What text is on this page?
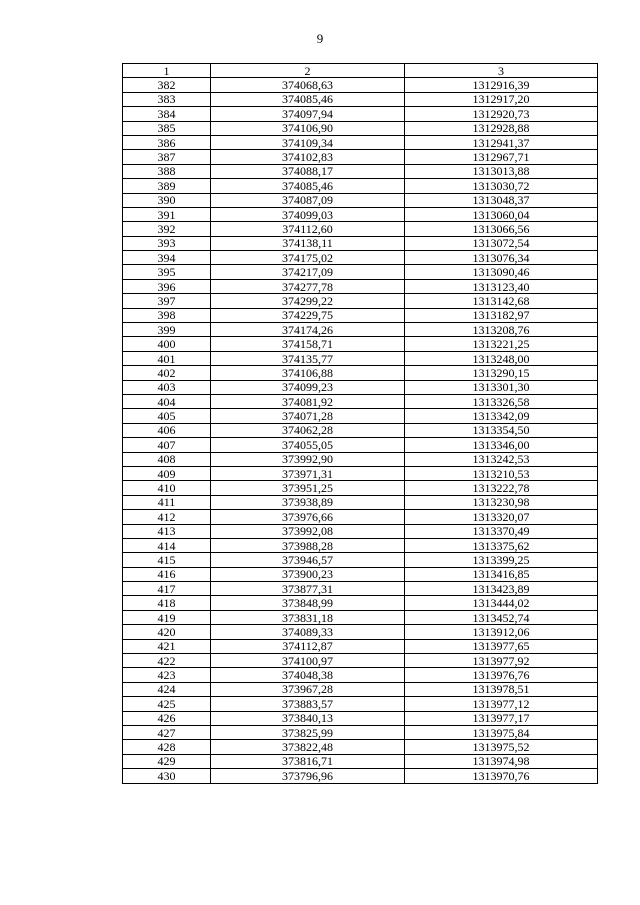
9
1	2	3
382	374068,63	1312916,39
383	374085,46	1312917,20
384	374097,94	1312920,73
385	374106,90	1312928,88
386	374109,34	1312941,37
387	374102,83	1312967,71
388	374088,17	1313013,88
389	374085,46	1313030,72
390	374087,09	1313048,37
391	374099,03	1313060,04
392	374112,60	1313066,56
393	374138,11	1313072,54
394	374175,02	1313076,34
395	374217,09	1313090,46
396	374277,78	1313123,40
397	374299,22	1313142,68
398	374229,75	1313182,97
399	374174,26	1313208,76
400	374158,71	1313221,25
401	374135,77	1313248,00
402	374106,88	1313290,15
403	374099,23	1313301,30
404	374081,92	1313326,58
405	374071,28	1313342,09
406	374062,28	1313354,50
407	374055,05	1313346,00
408	373992,90	1313242,53
409	373971,31	1313210,53
410	373951,25	1313222,78
411	373938,89	1313230,98
412	373976,66	1313320,07
413	373992,08	1313370,49
414	373988,28	1313375,62
415	373946,57	1313399,25
416	373900,23	1313416,85
417	373877,31	1313423,89
418	373848,99	1313444,02
419	373831,18	1313452,74
420	374089,33	1313912,06
421	374112,87	1313977,65
422	374100,97	1313977,92
423	374048,38	1313976,76
424	373967,28	1313978,51
425	373883,57	1313977,12
426	373840,13	1313977,17
427	373825,99	1313975,84
428	373822,48	1313975,52
429	373816,71	1313974,98
430	373796,96	1313970,76
